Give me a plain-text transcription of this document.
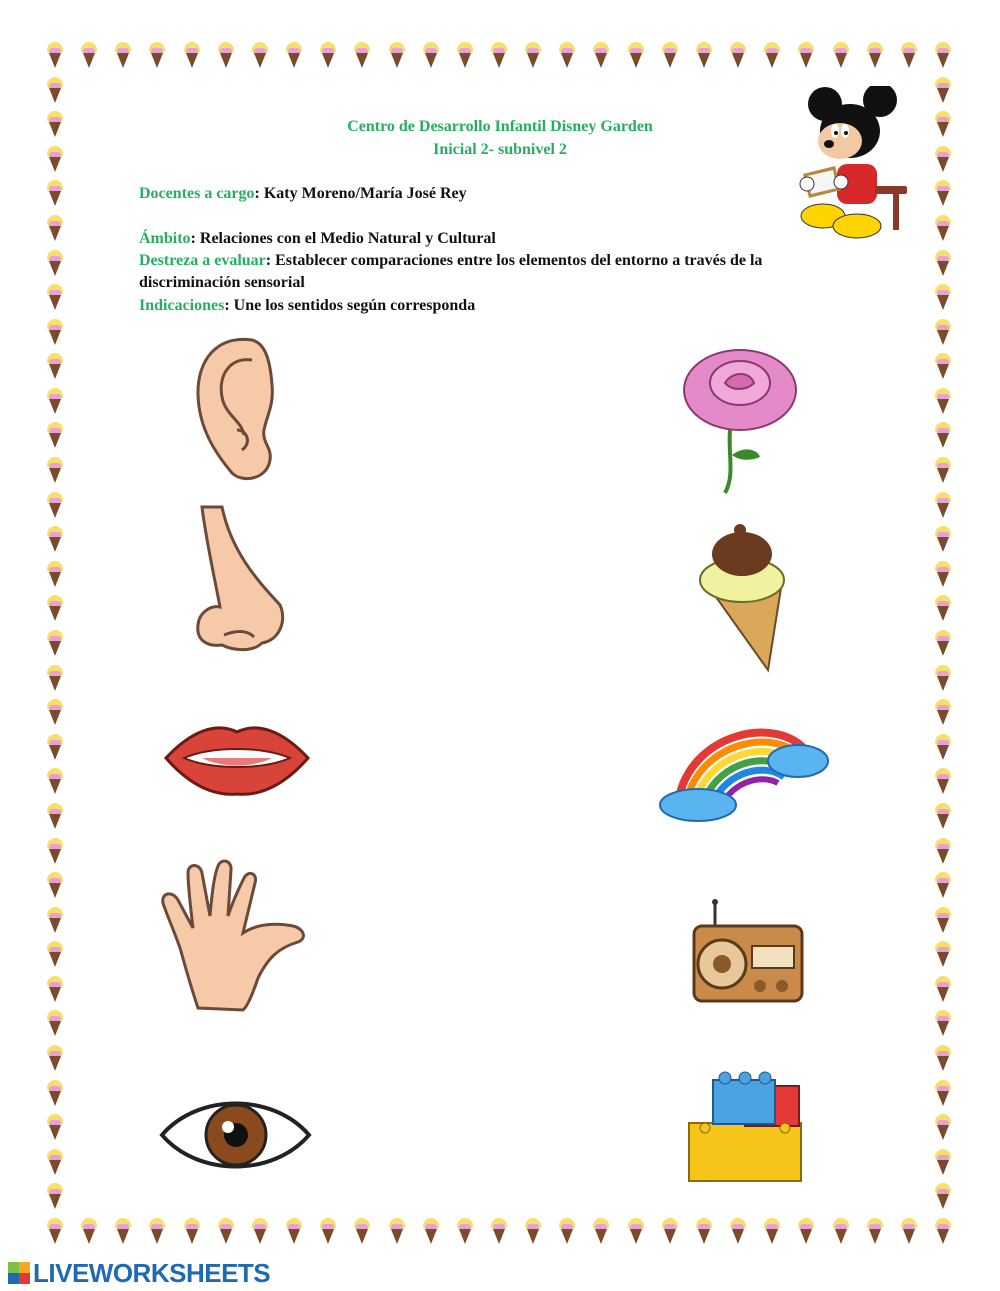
Centro de Desarrollo Infantil Disney Garden
Inicial 2- subnivel 2
Docentes a cargo: Katy Moreno/María José Rey
Ámbito: Relaciones con el Medio Natural y Cultural
Destreza a evaluar: Establecer comparaciones entre los elementos del entorno a través de la discriminación sensorial
Indicaciones: Une los sentidos según corresponda
LIVEWORKSHEETS
